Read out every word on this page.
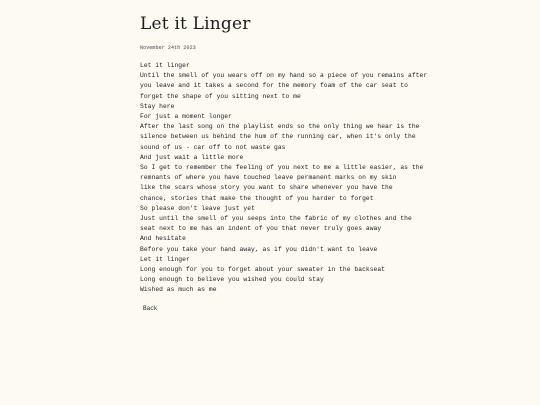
Let it Linger
November 24th 2023
Let it linger
Until the smell of you wears off on my hand so a piece of you remains after
you leave and it takes a second for the memory foam of the car seat to
forget the shape of you sitting next to me
Stay here
For just a moment longer
After the last song on the playlist ends so the only thing we hear is the
silence between us behind the hum of the running car, when it's only the
sound of us - car off to not waste gas
And just wait a little more
So I get to remember the feeling of you next to me a little easier, as the
remnants of where you have touched leave permanent marks on my skin
like the scars whose story you want to share whenever you have the
chance, stories that make the thought of you harder to forget
So please don't leave just yet
Just until the smell of you seeps into the fabric of my clothes and the
seat next to me has an indent of you that never truly goes away
And hesitate
Before you take your hand away, as if you didn't want to leave
Let it linger
Long enough for you to forget about your sweater in the backseat
Long enough to believe you wished you could stay
Wished as much as me
Back
